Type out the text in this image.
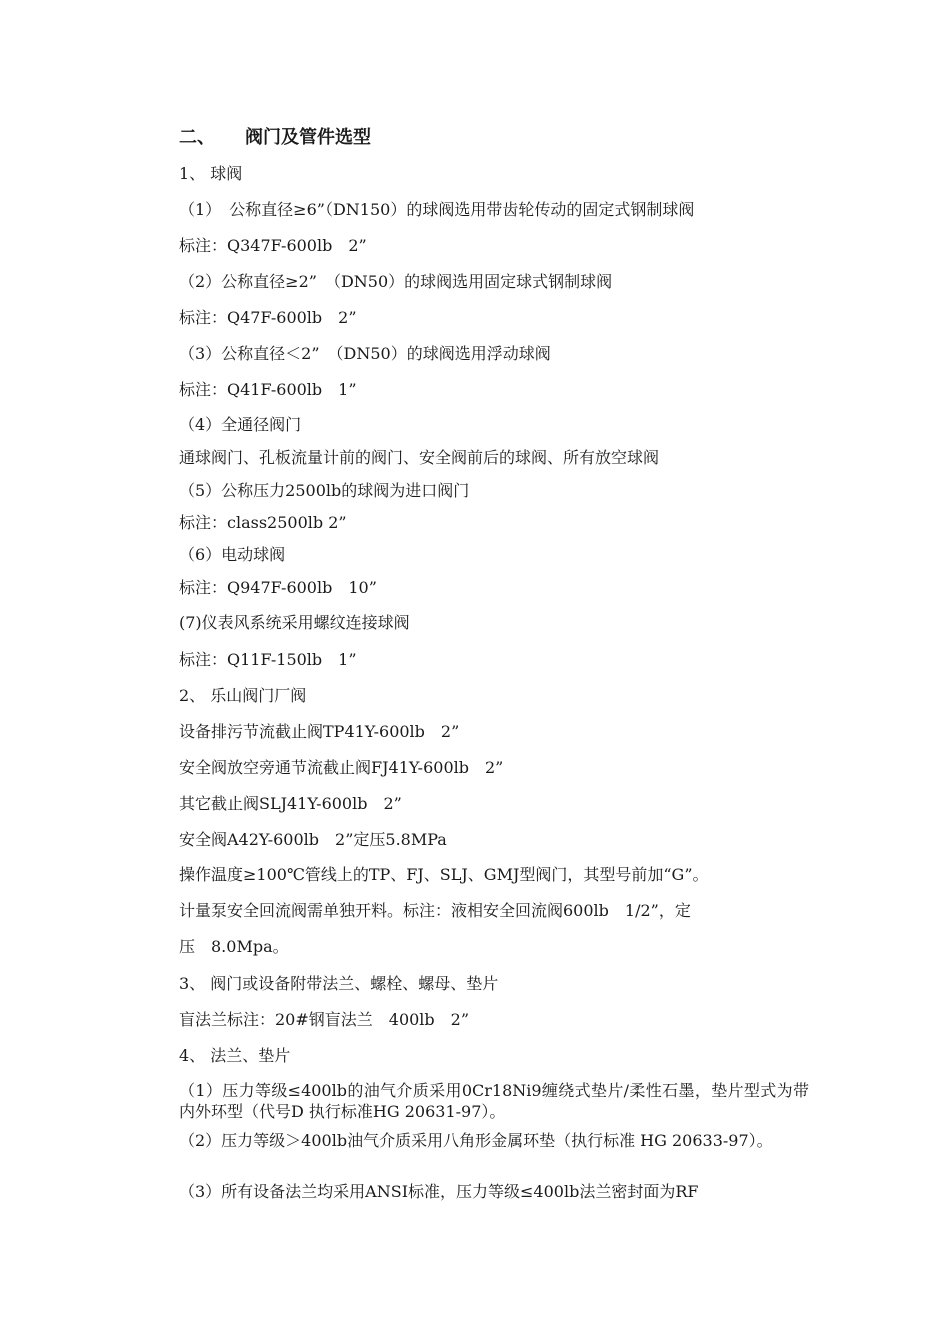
二、 阀门及管件选型
1、 球阀
（1）　公称直径≥6”（DN150）的球阀选用带齿轮传动的固定式钢制球阀
标注：Q347F-600lb　2”
（2）公称直径≥2”　（DN50）的球阀选用固定球式钢制球阀
标注：Q47F-600lb　2”
（3）公称直径＜2”　（DN50）的球阀选用浮动球阀
标注：Q41F-600lb　1”
（4）全通径阀门
通球阀门、孔板流量计前的阀门、安全阀前后的球阀、所有放空球阀
（5）公称压力2500lb的球阀为进口阀门
标注：class2500lb 2”
（6）电动球阀
标注：Q947F-600lb　10”
(7)仪表风系统采用螺纹连接球阀
标注：Q11F-150lb　1”
2、 乐山阀门厂阀
设备排污节流截止阀TP41Y-600lb　2”
安全阀放空旁通节流截止阀FJ41Y-600lb　2”
其它截止阀SLJ41Y-600lb　2”
安全阀A42Y-600lb　2”定压5.8MPa
操作温度≥100℃管线上的TP、FJ、SLJ、GMJ型阀门，其型号前加“G”。
计量泵安全回流阀需单独开料。标注：液相安全回流阀600lb　1/2”，定
压　8.0Mpa。
3、 阀门或设备附带法兰、螺栓、螺母、垫片
盲法兰标注：20#钢盲法兰　400lb　2”
4、 法兰、垫片
（1）压力等级≤400lb的油气介质采用0Cr18Ni9缠绕式垫片/柔性石墨，垫片型式为带内外环型（代号D 执行标准HG 20631-97）。
（2）压力等级＞400lb油气介质采用八角形金属环垫（执行标准 HG 20633-97）。
（3）所有设备法兰均采用ANSI标准，压力等级≤400lb法兰密封面为RF
